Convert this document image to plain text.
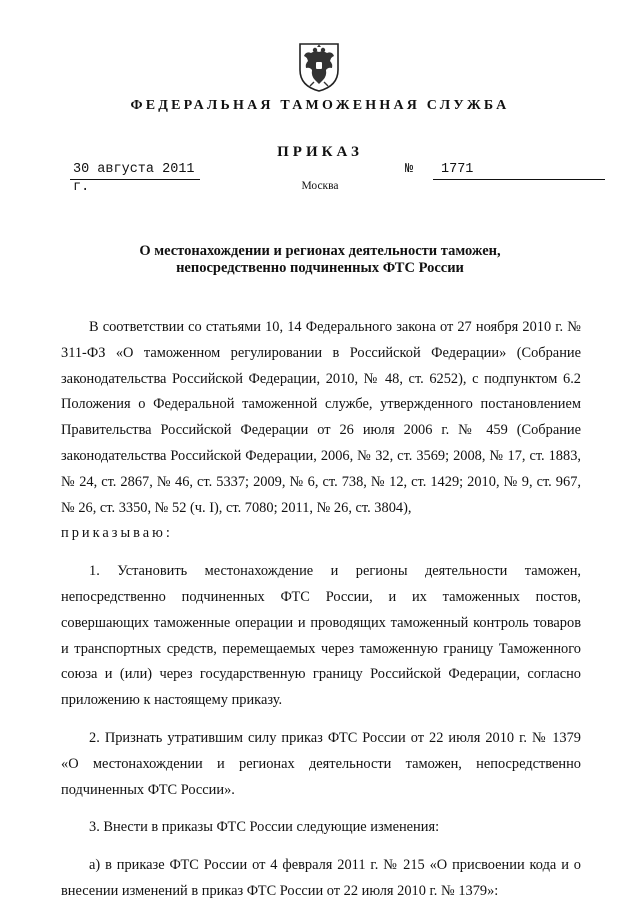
ФЕДЕРАЛЬНАЯ ТАМОЖЕННАЯ СЛУЖБА
ПРИКАЗ
30 августа 2011 г.
№	1771
Москва
О местонахождении и регионах деятельности таможен,
непосредственно подчиненных ФТС России

В соответствии со статьями 10, 14 Федерального закона от 27 ноября 2010 г. № 311-ФЗ «О таможенном регулировании в Российской Федерации» (Собрание законодательства Российской Федерации, 2010, № 48, ст. 6252), с подпунктом 6.2 Положения о Федеральной таможенной службе, утвержденного постановлением Правительства Российской Федерации от 26 июля 2006 г. № 459 (Собрание законодательства Российской Федерации, 2006, № 32, ст. 3569; 2008, № 17, ст. 1883, № 24, ст. 2867, № 46, ст. 5337; 2009, № 6, ст. 738, № 12, ст. 1429; 2010, № 9, ст. 967, № 26, ст. 3350, № 52 (ч. I), ст. 7080; 2011, № 26, ст. 3804),

приказываю:

1. Установить местонахождение и регионы деятельности таможен, непосредственно подчиненных ФТС России, и их таможенных постов, совершающих таможенные операции и проводящих таможенный контроль товаров и транспортных средств, перемещаемых через таможенную границу Таможенного союза и (или) через государственную границу Российской Федерации, согласно приложению к настоящему приказу.

2. Признать утратившим силу приказ ФТС России от 22 июля 2010 г. № 1379 «О местонахождении и регионах деятельности таможен, непосредственно подчиненных ФТС России».

3. Внести в приказы ФТС России следующие изменения:

а) в приказе ФТС России от 4 февраля 2011 г. № 215 «О присвоении кода и о внесении изменений в приказ ФТС России от 22 июля 2010 г. № 1379»:
